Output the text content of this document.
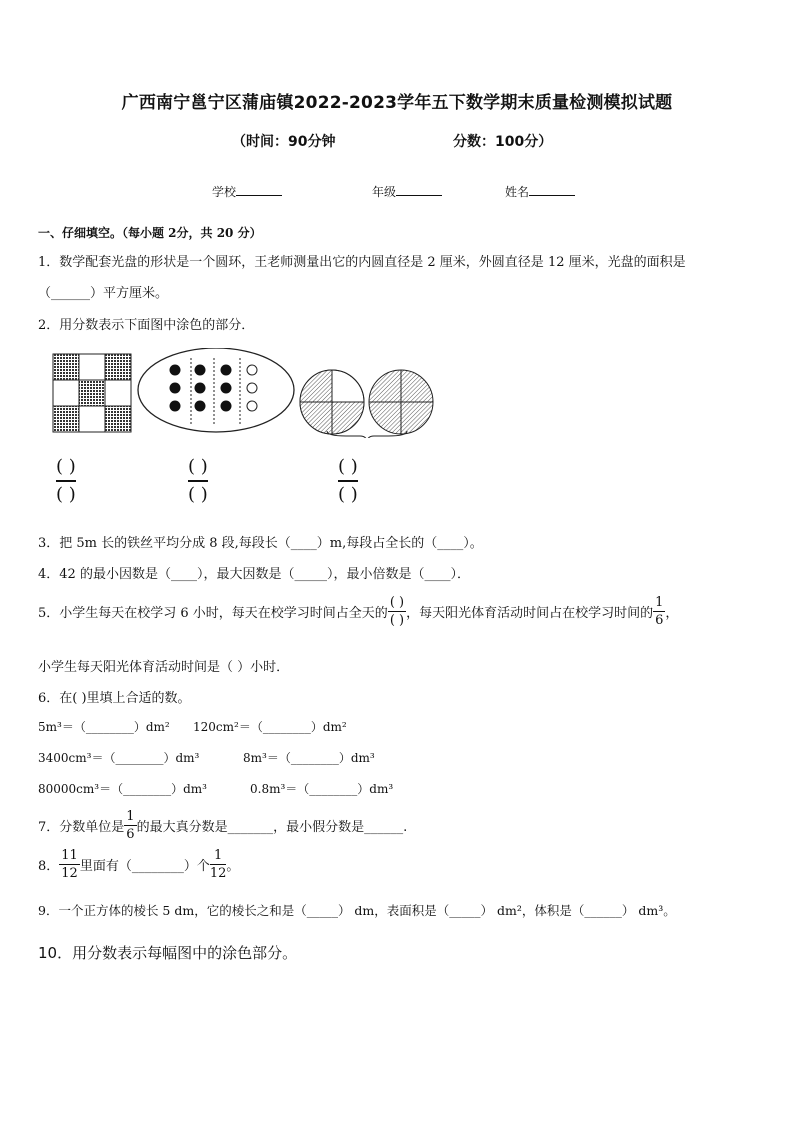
广西南宁邕宁区蒲庙镇2022-2023学年五下数学期末质量检测模拟试题
（时间：90分钟	分数：100分）
学校	年级	姓名
一、仔细填空。（每小题 2分，共 20 分）
1．数学配套光盘的形状是一个圆环，王老师测量出它的内圆直径是 2 厘米，外圆直径是 12 厘米，光盘的面积是
（______）平方厘米。
2．用分数表示下面图中涂色的部分．
( )
( )
( )
( )
( )
( )
3．把 5m 长的铁丝平均分成 8 段,每段长（____）m,每段占全长的（____）。
4．42 的最小因数是（____），最大因数是（_____），最小倍数是（____）．
5．小学生每天在校学习 6 小时，每天在校学习时间占全天的 $\frac{( )}{( )}$ ，每天阳光体育活动时间占在校学习时间的 $\frac{1}{6}$ ，
小学生每天阳光体育活动时间是（ ）小时．
6．在( )里填上合适的数。
5m³＝（________）dm² 120cm²＝（________）dm²
3400cm³＝（________）dm³	8m³＝（________）dm³
80000cm³＝（________）dm³	0.8m³＝（________）dm³
7．分数单位是 $\frac{1}{6}$ 的最大真分数是_______，最小假分数是______.
8． $\frac{11}{12}$ 里面有（________）个 $\frac{1}{12}$ 。
9．一个正方体的棱长 5 dm，它的棱长之和是（_____） dm，表面积是（_____） dm²，体积是（______） dm³。
10．用分数表示每幅图中的涂色部分。
